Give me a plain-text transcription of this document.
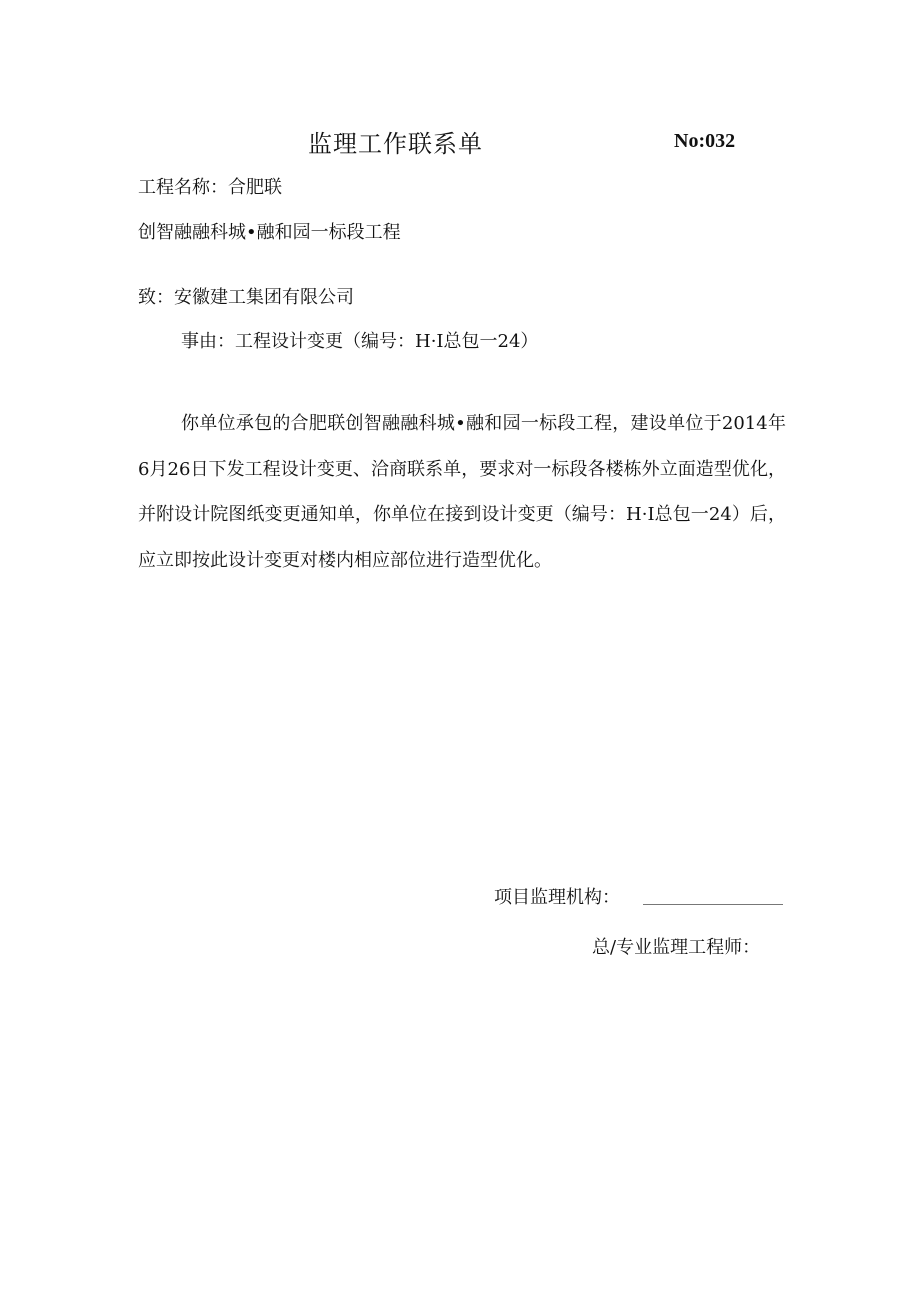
监理工作联系单	No:032
工程名称：合肥联
创智融融科城•融和园一标段工程
致：安徽建工集团有限公司
事由：工程设计变更（编号：H·I总包一24）
你单位承包的合肥联创智融融科城•融和园一标段工程，建设单位于2014年6月26日下发工程设计变更、洽商联系单，要求对一标段各楼栋外立面造型优化，并附设计院图纸变更通知单，你单位在接到设计变更（编号：H·I总包一24）后，应立即按此设计变更对楼内相应部位进行造型优化。
项目监理机构：
总/专业监理工程师：
